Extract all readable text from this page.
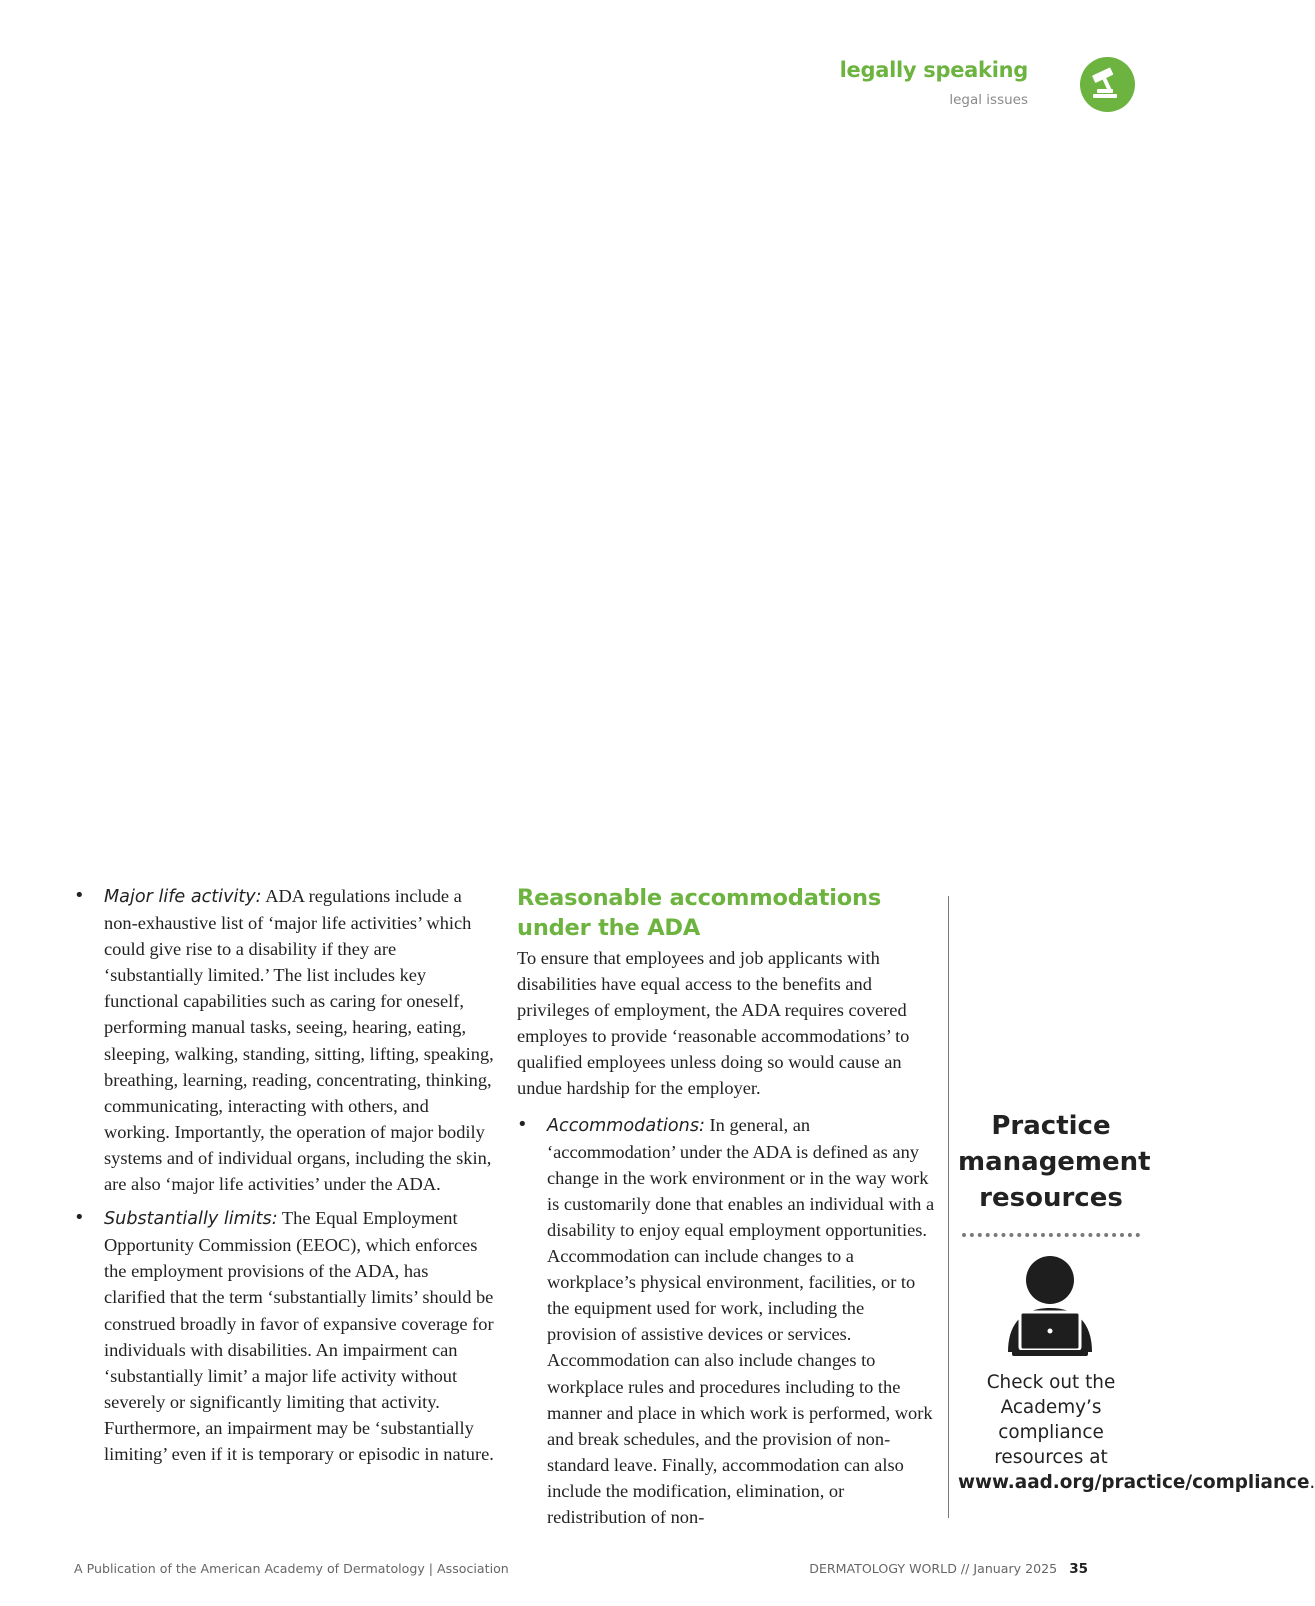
legally speaking
legal issues
• Major life activity: ADA regulations include a non-exhaustive list of ‘major life activities’ which could give rise to a disability if they are ‘substantially limited.’ The list includes key functional capabilities such as caring for oneself, performing manual tasks, seeing, hearing, eating, sleeping, walking, standing, sitting, lifting, speaking, breathing, learning, reading, concentrating, thinking, communicating, interacting with others, and working. Importantly, the operation of major bodily systems and of individual organs, including the skin, are also ‘major life activities’ under the ADA.
• Substantially limits: The Equal Employment Opportunity Commission (EEOC), which enforces the employment provisions of the ADA, has clarified that the term ‘substantially limits’ should be construed broadly in favor of expansive coverage for individuals with disabilities. An impairment can ‘substantially limit’ a major life activity without severely or significantly limiting that activity. Furthermore, an impairment may be ‘substantially limiting’ even if it is temporary or episodic in nature.
Reasonable accommodations under the ADA

To ensure that employees and job applicants with disabilities have equal access to the benefits and privileges of employment, the ADA requires covered employes to provide ‘reasonable accommodations’ to qualified employees unless doing so would cause an undue hardship for the employer.

• Accommodations: In general, an ‘accommodation’ under the ADA is defined as any change in the work environment or in the way work is customarily done that enables an individual with a disability to enjoy equal employment opportunities. Accommodation can include changes to a workplace’s physical environment, facilities, or to the equipment used for work, including the provision of assistive devices or services. Accommodation can also include changes to workplace rules and procedures including to the manner and place in which work is performed, work and break schedules, and the provision of non-standard leave. Finally, accommodation can also include the modification, elimination, or redistribution of non-
Practice management resources
Check out the Academy’s compliance resources at www.aad.org/practice/compliance.
A Publication of the American Academy of Dermatology | Association	DERMATOLOGY WORLD // January 2025 35
